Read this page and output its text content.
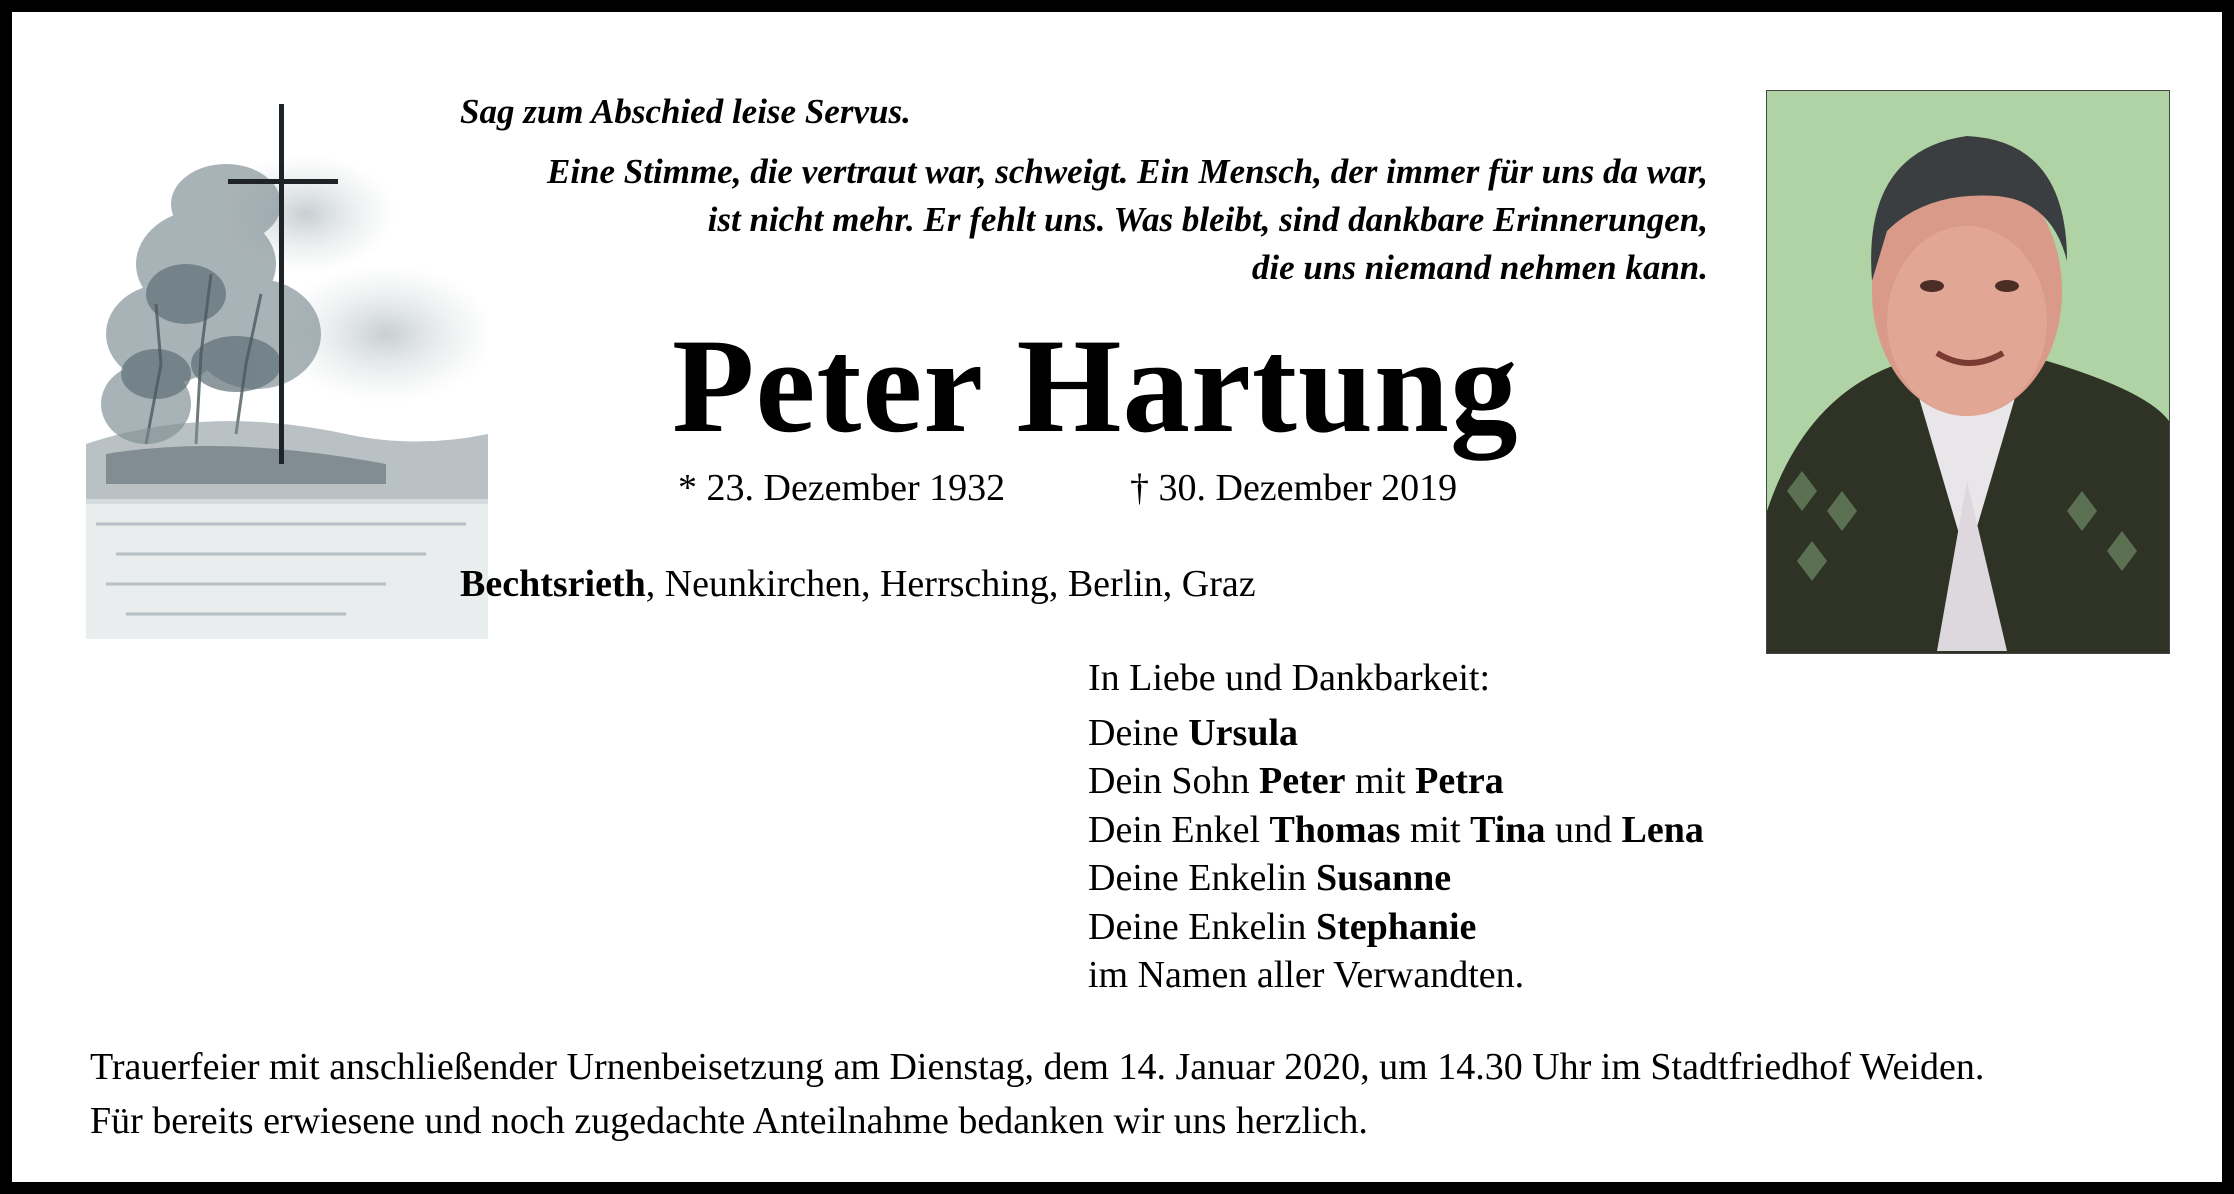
Sag zum Abschied leise Servus.
Eine Stimme, die vertraut war, schweigt. Ein Mensch, der immer für uns da war,
ist nicht mehr. Er fehlt uns. Was bleibt, sind dankbare Erinnerungen,
die uns niemand nehmen kann.
Peter Hartung
* 23. Dezember 1932	† 30. Dezember 2019
Bechtsrieth, Neunkirchen, Herrsching, Berlin, Graz
In Liebe und Dankbarkeit:
Deine Ursula
Dein Sohn Peter mit Petra
Dein Enkel Thomas mit Tina und Lena
Deine Enkelin Susanne
Deine Enkelin Stephanie
im Namen aller Verwandten.
Trauerfeier mit anschließender Urnenbeisetzung am Dienstag, dem 14. Januar 2020, um 14.30 Uhr im Stadtfriedhof Weiden.
Für bereits erwiesene und noch zugedachte Anteilnahme bedanken wir uns herzlich.
